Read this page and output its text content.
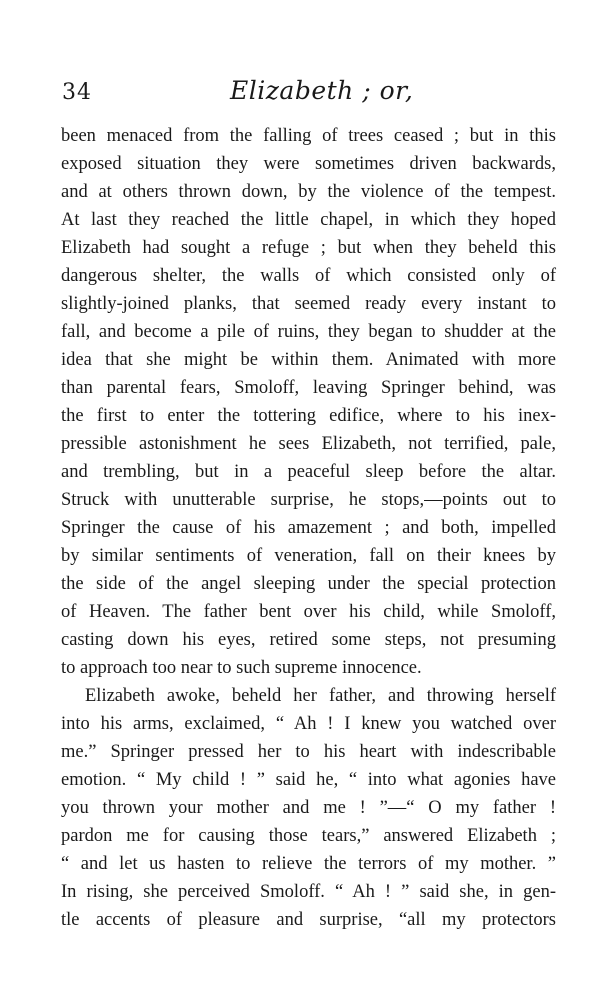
34	Elizabeth ; or,
been menaced from the falling of trees ceased ; but in this
exposed situation they were sometimes driven backwards,
and at others thrown down, by the violence of the tempest.
At last they reached the little chapel, in which they hoped
Elizabeth had sought a refuge ; but when they beheld this
dangerous shelter, the walls of which consisted only of
slightly-joined planks, that seemed ready every instant to
fall, and become a pile of ruins, they began to shudder at the
idea that she might be within them. Animated with more
than parental fears, Smoloff, leaving Springer behind, was
the first to enter the tottering edifice, where to his inex-
pressible astonishment he sees Elizabeth, not terrified, pale,
and trembling, but in a peaceful sleep before the altar.
Struck with unutterable surprise, he stops,—points out to
Springer the cause of his amazement ; and both, impelled
by similar sentiments of veneration, fall on their knees by
the side of the angel sleeping under the special protection
of Heaven. The father bent over his child, while Smoloff,
casting down his eyes, retired some steps, not presuming
to approach too near to such supreme innocence.
Elizabeth awoke, beheld her father, and throwing herself
into his arms, exclaimed, “ Ah ! I knew you watched over
me.” Springer pressed her to his heart with indescribable
emotion. “ My child ! ” said he, “ into what agonies have
you thrown your mother and me ! ”—“ O my father !
pardon me for causing those tears,” answered Elizabeth ;
“ and let us hasten to relieve the terrors of my mother. ”
In rising, she perceived Smoloff. “ Ah ! ” said she, in gen-
tle accents of pleasure and surprise, “all my protectors
